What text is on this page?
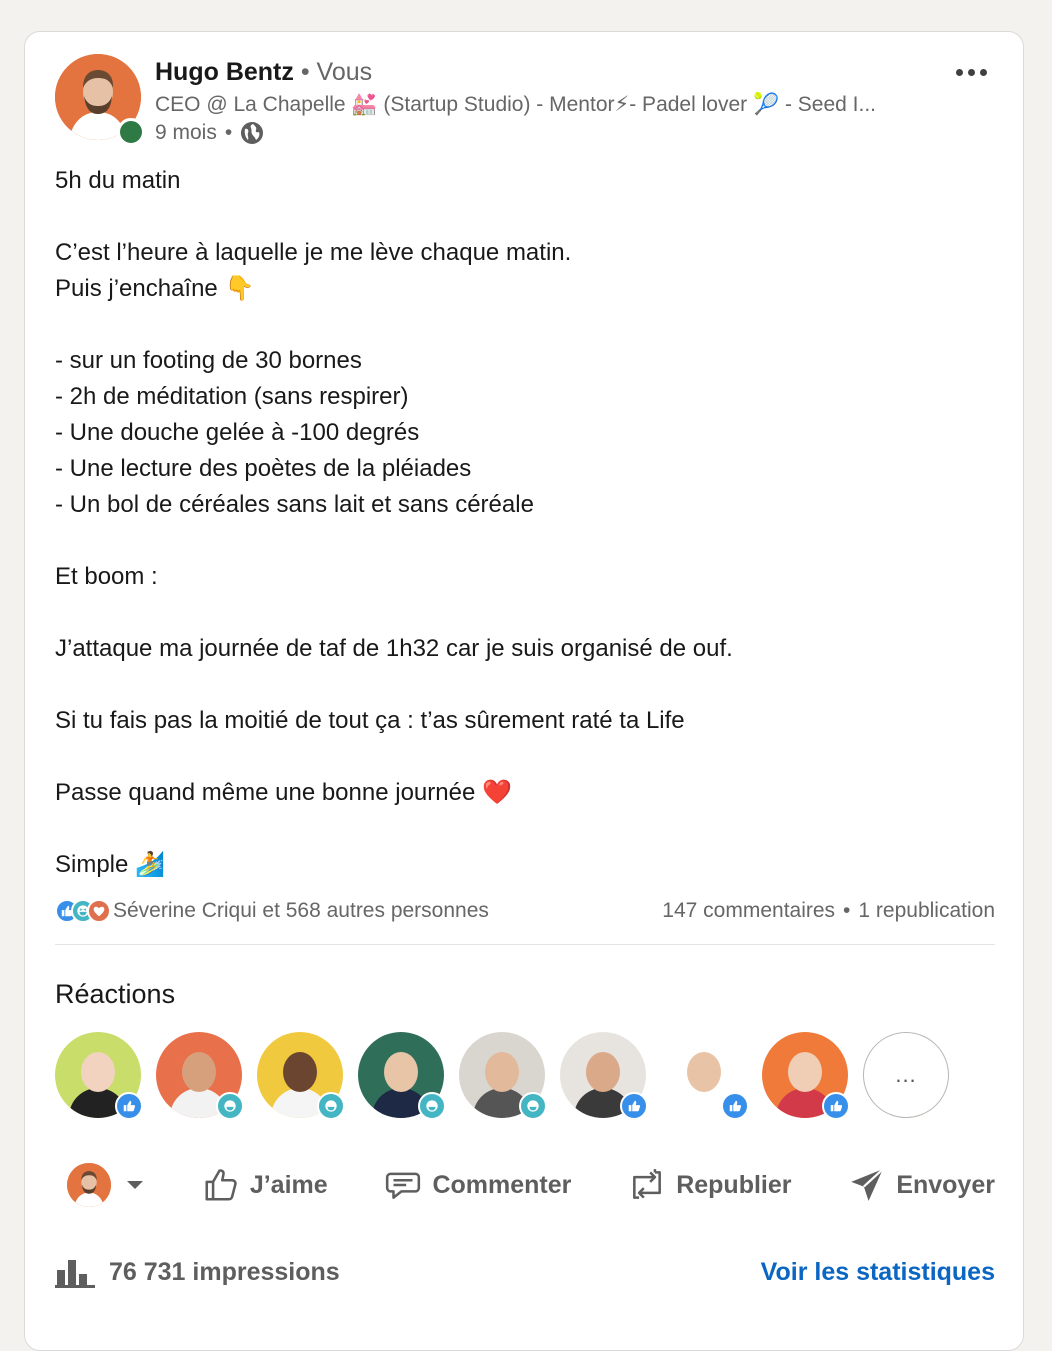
Hugo Bentz • Vous
CEO @ La Chapelle 💒 (Startup Studio) - Mentor⚡- Padel lover 🎾 - Seed I...
9 mois •

5h du matin

C’est l’heure à laquelle je me lève chaque matin.

Puis j’enchaîne 👇

- sur un footing de 30 bornes

- 2h de méditation (sans respirer)

- Une douche gelée à -100 degrés

- Une lecture des poètes de la pléiades

- Un bol de céréales sans lait et sans céréale

Et boom :

J’attaque ma journée de taf de 1h32 car je suis organisé de ouf.

Si tu fais pas la moitié de tout ça : t’as sûrement raté ta Life

Passe quand même une bonne journée ❤️

Simple 🏄

Séverine Criqui et 568 autres personnes	147 commentaires • 1 republication
Réactions
...
J’aime	Commenter	Republier	Envoyer
76 731 impressions	Voir les statistiques
